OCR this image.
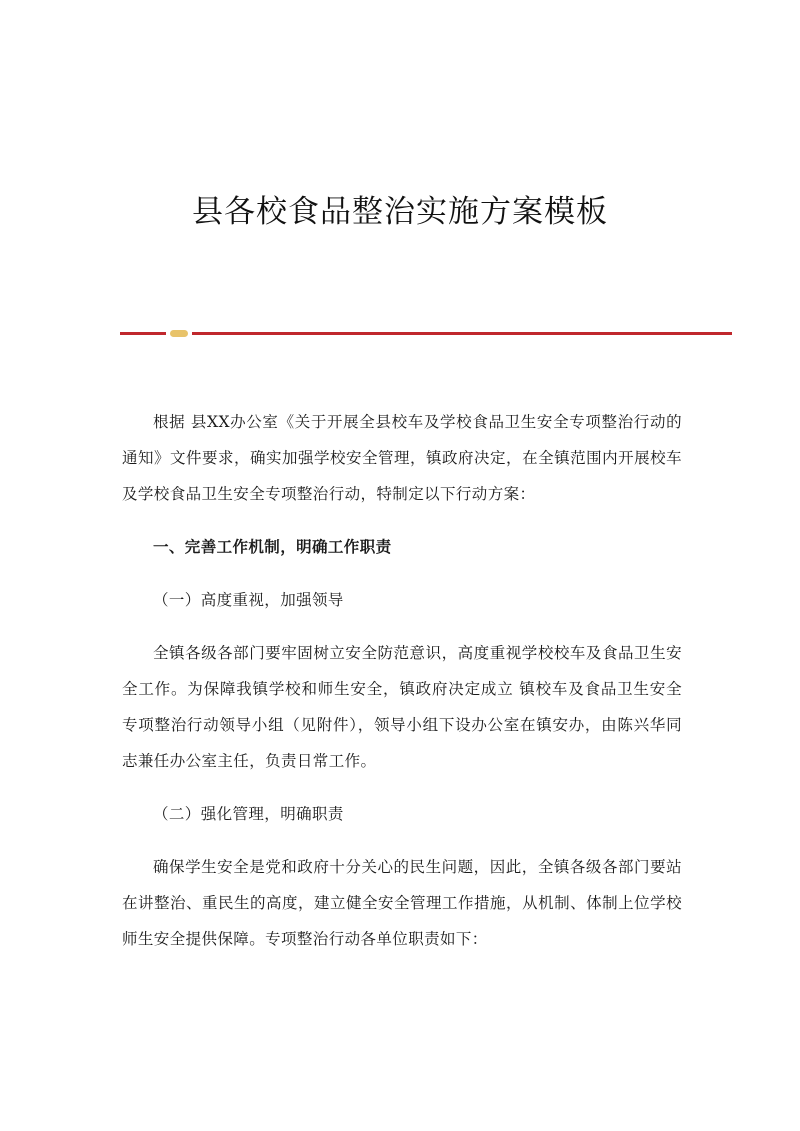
县各校食品整治实施方案模板

根据 县XX办公室《关于开展全县校车及学校食品卫生安全专项整治行动的通知》文件要求，确实加强学校安全管理，镇政府决定，在全镇范围内开展校车及学校食品卫生安全专项整治行动，特制定以下行动方案：

一、完善工作机制，明确工作职责

（一）高度重视，加强领导

全镇各级各部门要牢固树立安全防范意识，高度重视学校校车及食品卫生安全工作。为保障我镇学校和师生安全，镇政府决定成立 镇校车及食品卫生安全专项整治行动领导小组（见附件），领导小组下设办公室在镇安办，由陈兴华同志兼任办公室主任，负责日常工作。

（二）强化管理，明确职责

确保学生安全是党和政府十分关心的民生问题，因此，全镇各级各部门要站在讲整治、重民生的高度，建立健全安全管理工作措施，从机制、体制上位学校师生安全提供保障。专项整治行动各单位职责如下：
